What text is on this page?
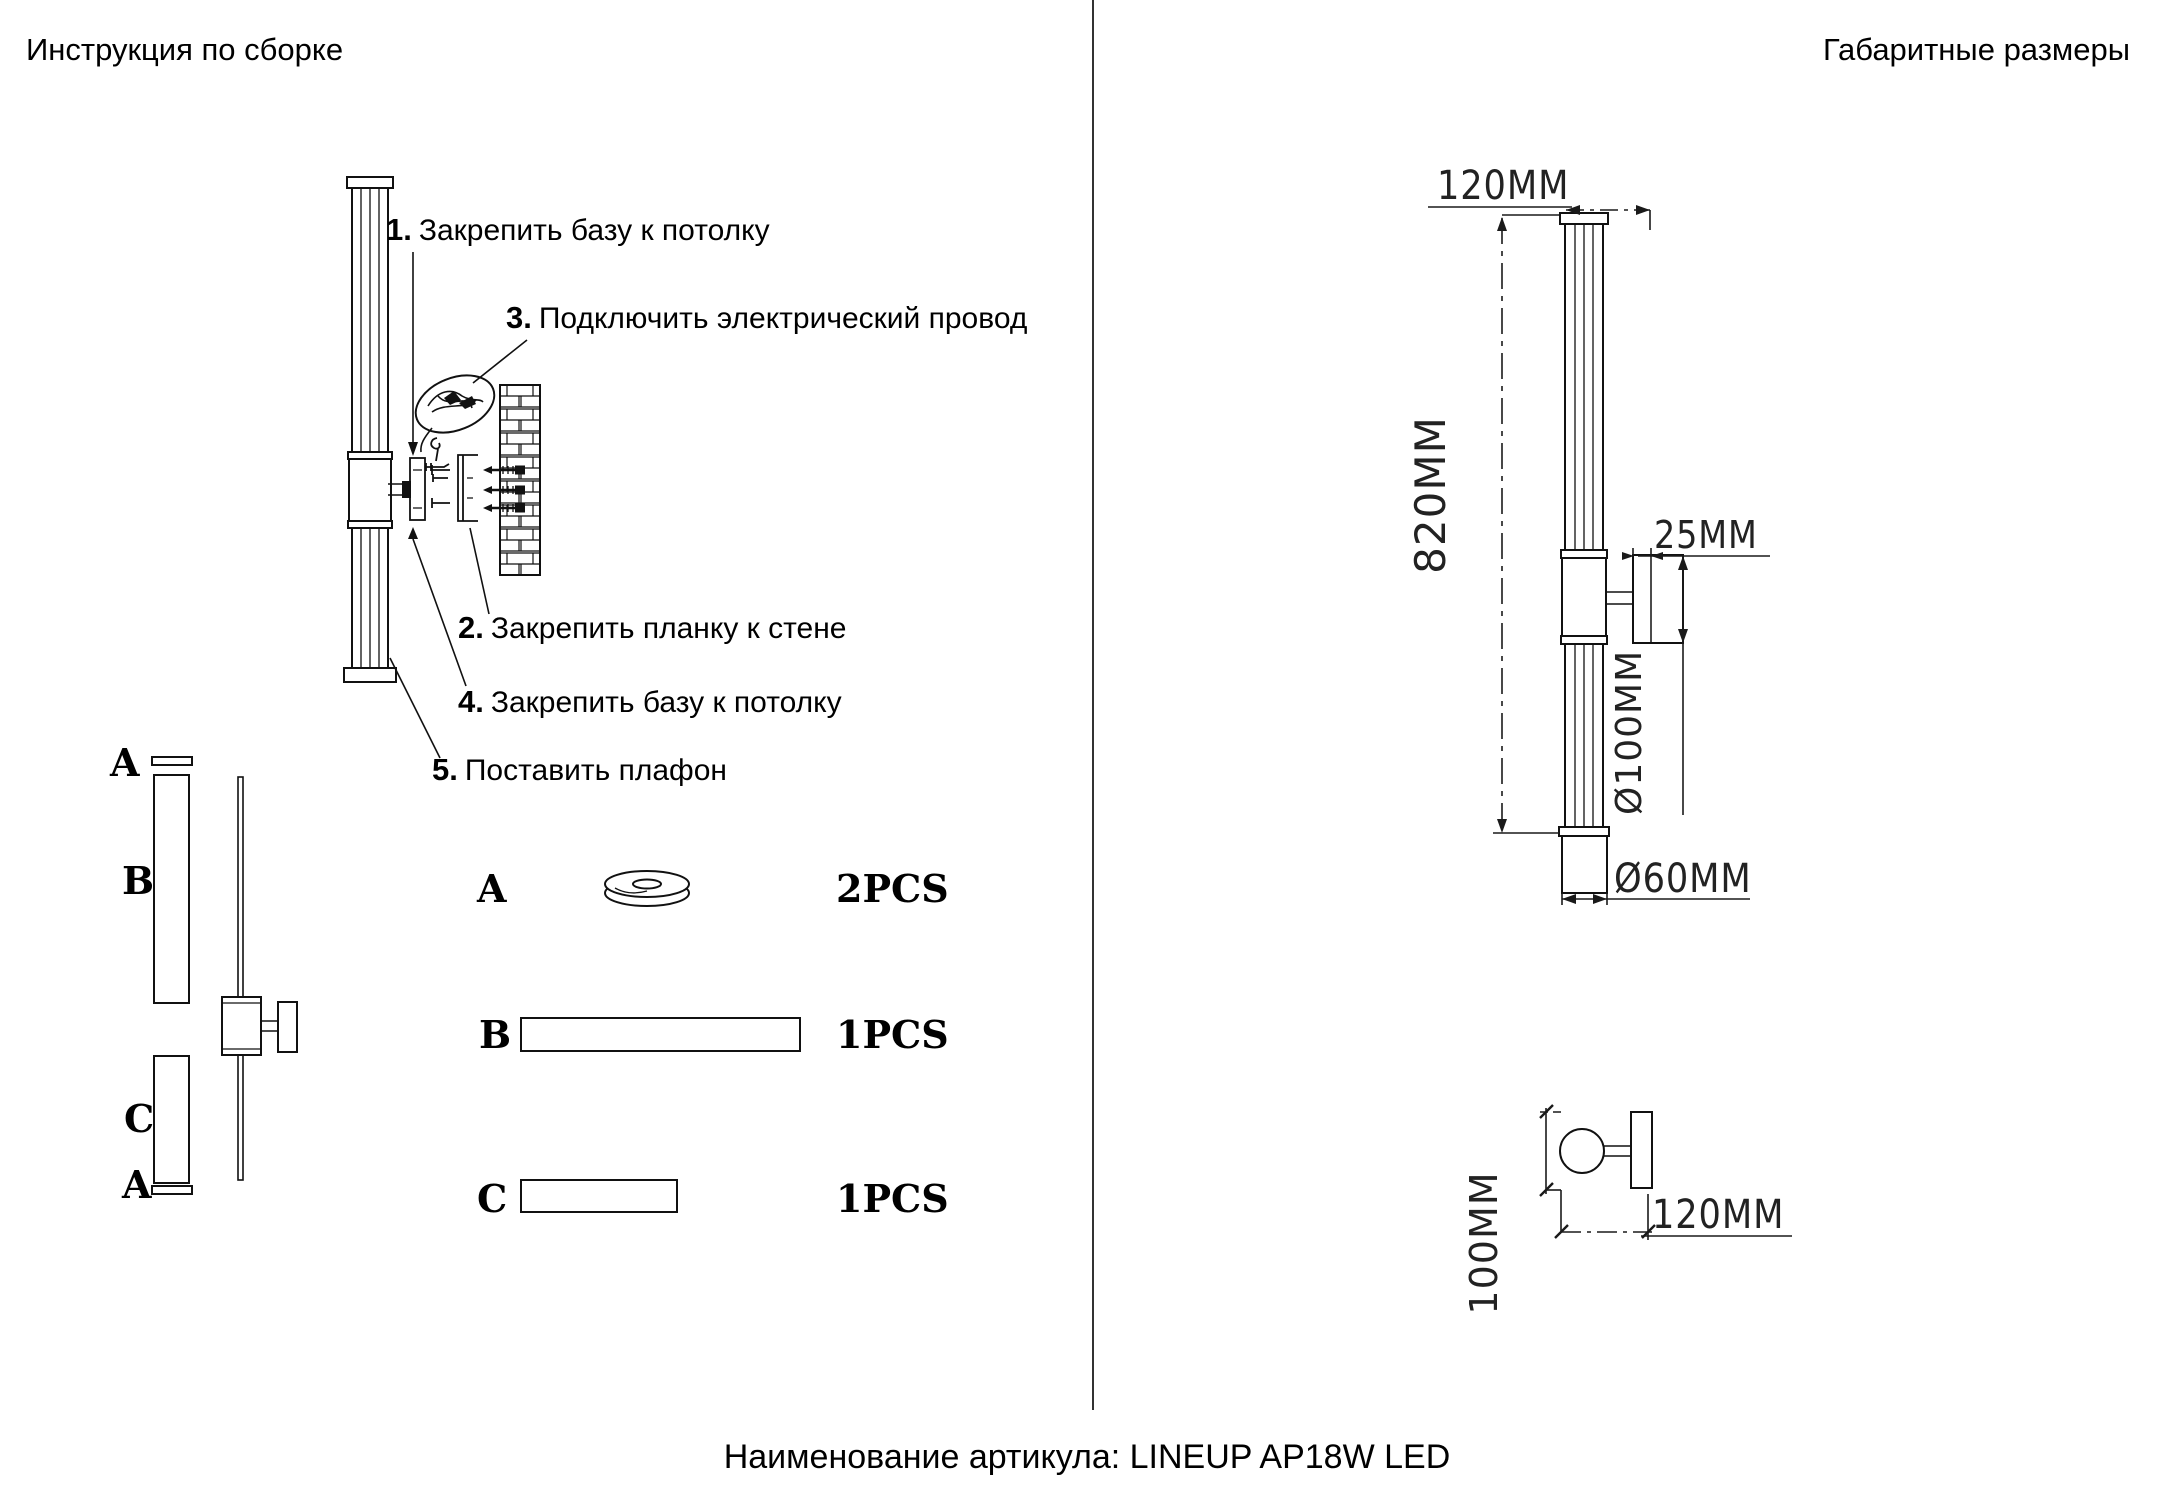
Инструкция по сборке	Габаритные размеры
1. Закрепить базу к потолку
3. Подключить электрический провод
2. Закрепить планку к стене
4. Закрепить базу к потолку
5. Поставить плафон
A	2PCS
B	1PCS
C	1PCS
A
B
C
A
120MM
820MM	25MM
Ø100MM
Ø60MM
100MM	120MM
Наименование артикула: LINEUP AP18W LED
